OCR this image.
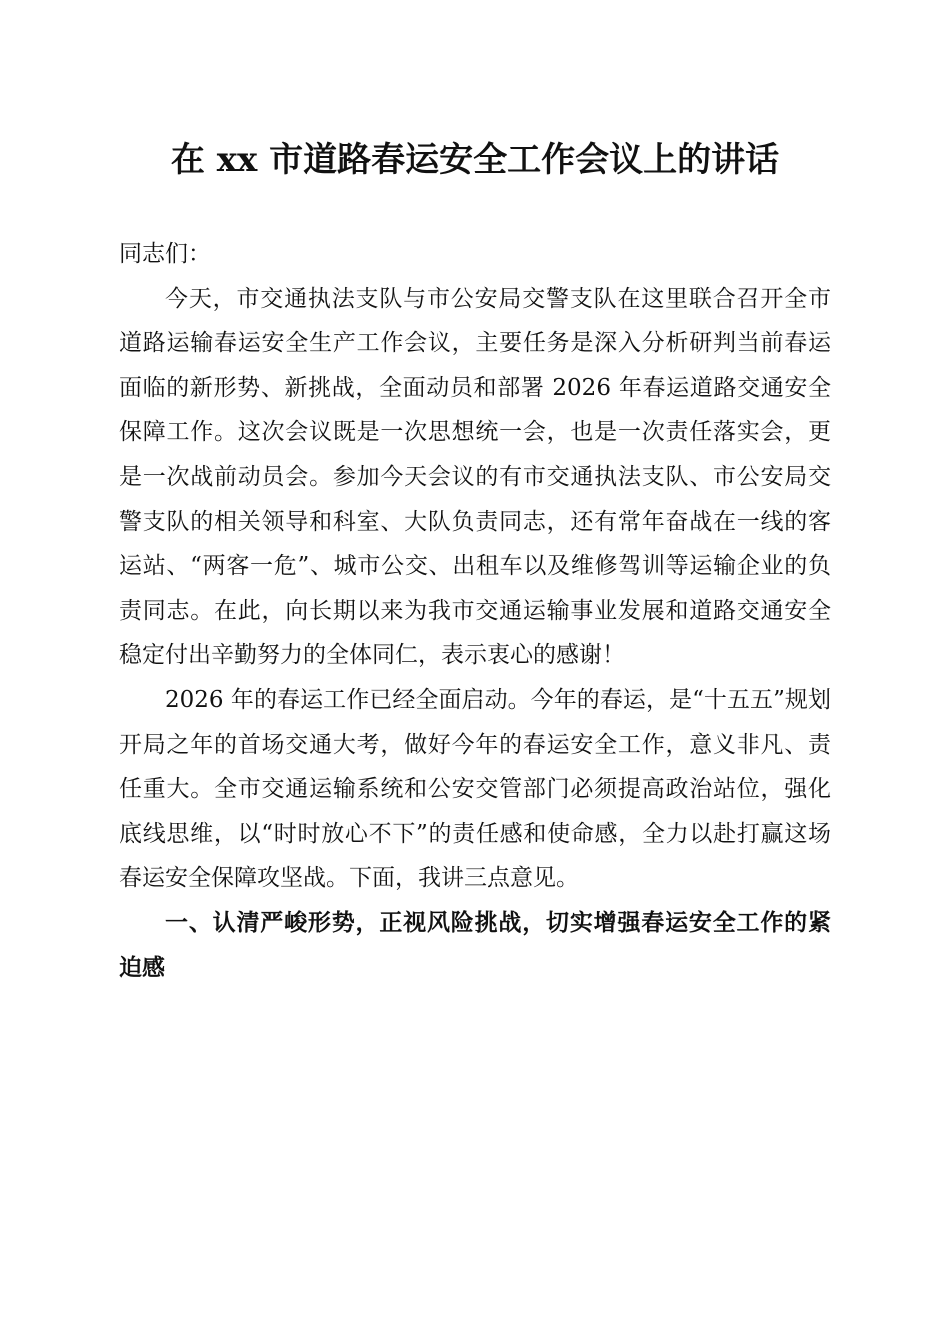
在 xx 市道路春运安全工作会议上的讲话

同志们：

今天，市交通执法支队与市公安局交警支队在这里联合召开全市道路运输春运安全生产工作会议，主要任务是深入分析研判当前春运面临的新形势、新挑战，全面动员和部署 2026 年春运道路交通安全保障工作。这次会议既是一次思想统一会，也是一次责任落实会，更是一次战前动员会。参加今天会议的有市交通执法支队、市公安局交警支队的相关领导和科室、大队负责同志，还有常年奋战在一线的客运站、“两客一危”、城市公交、出租车以及维修驾训等运输企业的负责同志。在此，向长期以来为我市交通运输事业发展和道路交通安全稳定付出辛勤努力的全体同仁，表示衷心的感谢！

2026 年的春运工作已经全面启动。今年的春运，是“十五五”规划开局之年的首场交通大考，做好今年的春运安全工作，意义非凡、责任重大。全市交通运输系统和公安交管部门必须提高政治站位，强化底线思维，以“时时放心不下”的责任感和使命感，全力以赴打赢这场春运安全保障攻坚战。下面，我讲三点意见。

一、认清严峻形势，正视风险挑战，切实增强春运安全工作的紧迫感
